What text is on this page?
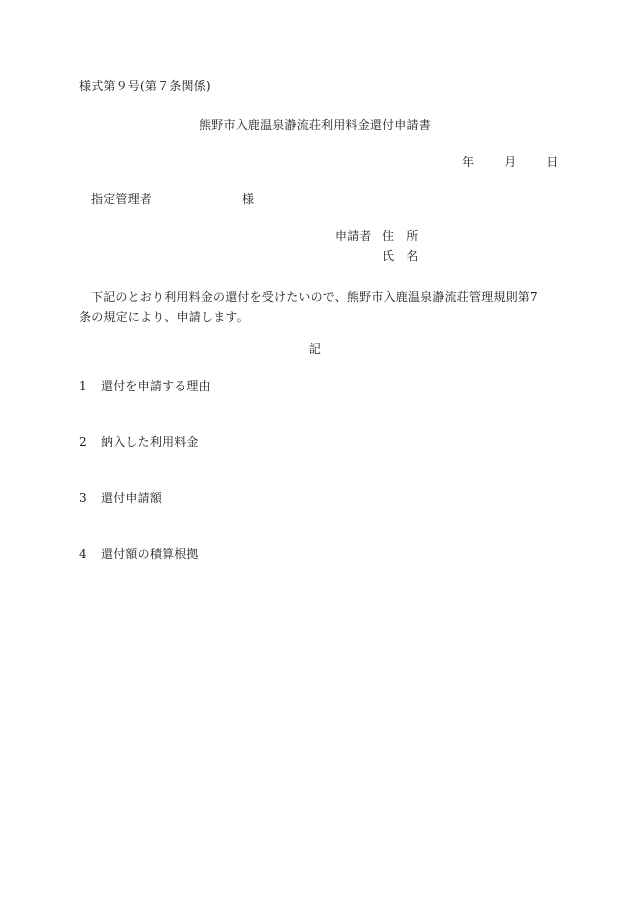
様式第９号(第７条関係)
熊野市入鹿温泉瀞流荘利用料金還付申請書
年	月	日
指定管理者	様
申請者 住　所
氏　名
下記のとおり利用料金の還付を受けたいので、熊野市入鹿温泉瀞流荘管理規則第7条の規定により、申請します。
記
1 還付を申請する理由
2 納入した利用料金
3 還付申請額
4 還付額の積算根拠
